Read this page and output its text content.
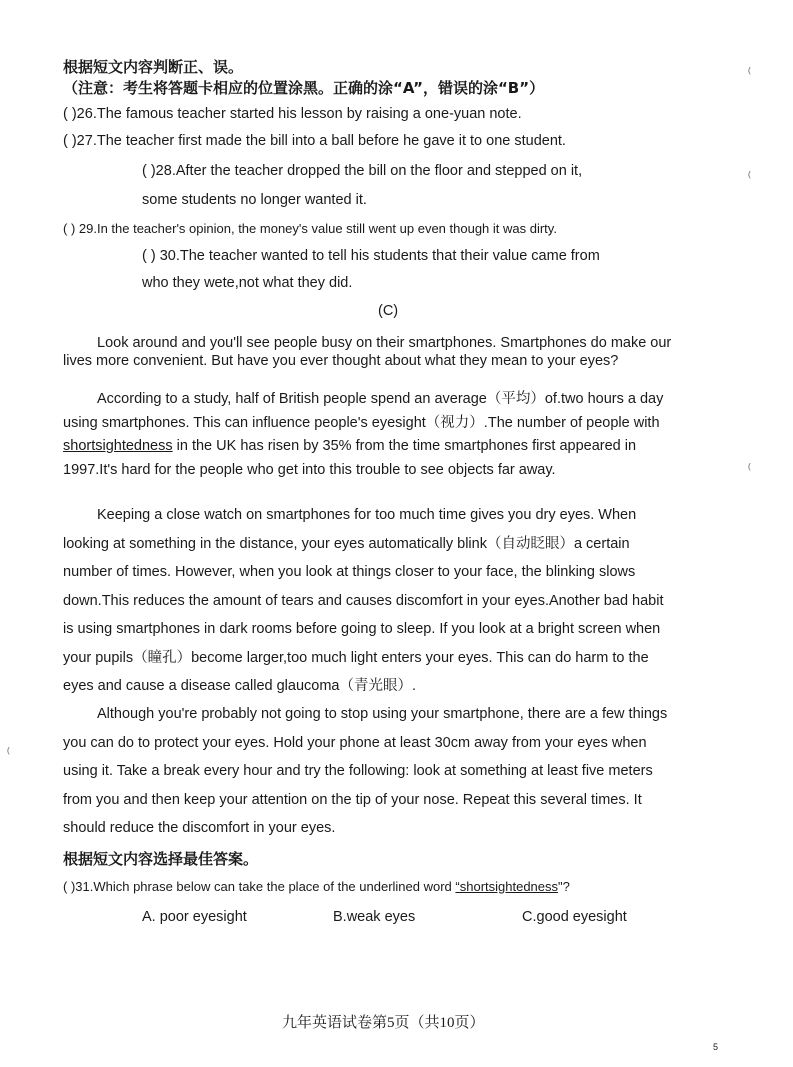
根据短文内容判断正、误。
（注意：考生将答题卡相应的位置涂黑。正确的涂“A”，错误的涂“B”）
( )26.The famous teacher started his lesson by raising a one-yuan note.
( )27.The teacher first made the bill into a ball before he gave it to one student.
( )28.After the teacher dropped the bill on the floor and stepped on it,
some students no longer wanted it.
( ) 29.In the teacher's opinion, the money's value still went up even though it was dirty.
( ) 30.The teacher wanted to tell his students that their value came from
who they wete,not what they did.
(C)
Look around and you'll see people busy on their smartphones. Smartphones do make our lives more convenient. But have you ever thought about what they mean to your eyes?
According to a study, half of British people spend an average（平均）of.two hours a day using smartphones. This can influence people's eyesight（视力）.The number of people with shortsightedness in the UK has risen by 35% from the time smartphones first appeared in 1997.It's hard for the people who get into this trouble to see objects far away.
Keeping a close watch on smartphones for too much time gives you dry eyes. When looking at something in the distance, your eyes automatically blink（自动眨眼）a certain number of times. However, when you look at things closer to your face, the blinking slows down.This reduces the amount of tears and causes discomfort in your eyes.Another bad habit is using smartphones in dark rooms before going to sleep. If you look at a bright screen when your pupils（瞳孔）become larger,too much light enters your eyes. This can do harm to the eyes and cause a disease called glaucoma（青光眼）.
Although you're probably not going to stop using your smartphone, there are a few things you can do to protect your eyes. Hold your phone at least 30cm away from your eyes when using it. Take a break every hour and try the following: look at something at least five meters from you and then keep your attention on the tip of your nose. Repeat this several times. It should reduce the discomfort in your eyes.
根据短文内容选择最佳答案。
( )31.Which phrase below can take the place of the underlined word “shortsightedness"?
A. poor eyesight	B.weak eyes	C.good eyesight
九年英语试卷第5页（共10页）
5
(
(
(
(
